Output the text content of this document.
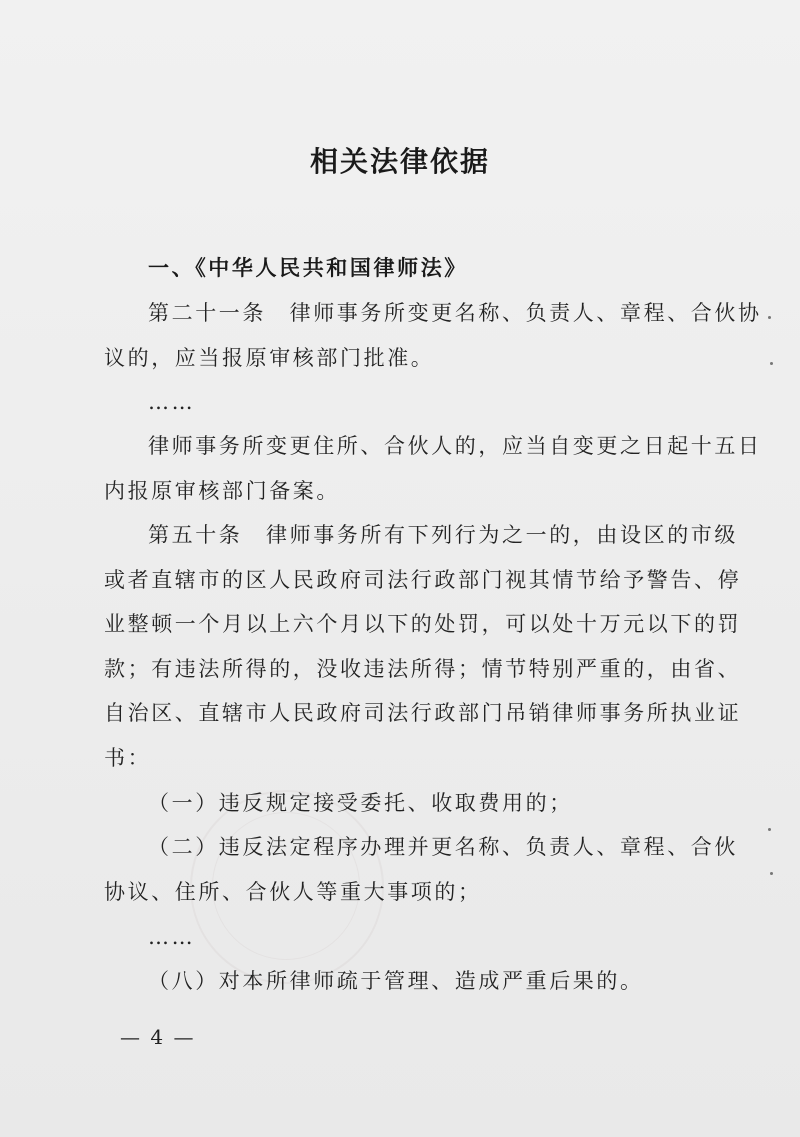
相关法律依据
一、《中华人民共和国律师法》
第二十一条　律师事务所变更名称、负责人、章程、合伙协
议的，应当报原审核部门批准。
……
律师事务所变更住所、合伙人的，应当自变更之日起十五日
内报原审核部门备案。
第五十条　律师事务所有下列行为之一的，由设区的市级
或者直辖市的区人民政府司法行政部门视其情节给予警告、停
业整顿一个月以上六个月以下的处罚，可以处十万元以下的罚
款；有违法所得的，没收违法所得；情节特别严重的，由省、
自治区、直辖市人民政府司法行政部门吊销律师事务所执业证
书：
（一）违反规定接受委托、收取费用的；
（二）违反法定程序办理并更名称、负责人、章程、合伙
协议、住所、合伙人等重大事项的；
……
（八）对本所律师疏于管理、造成严重后果的。
— 4 —
